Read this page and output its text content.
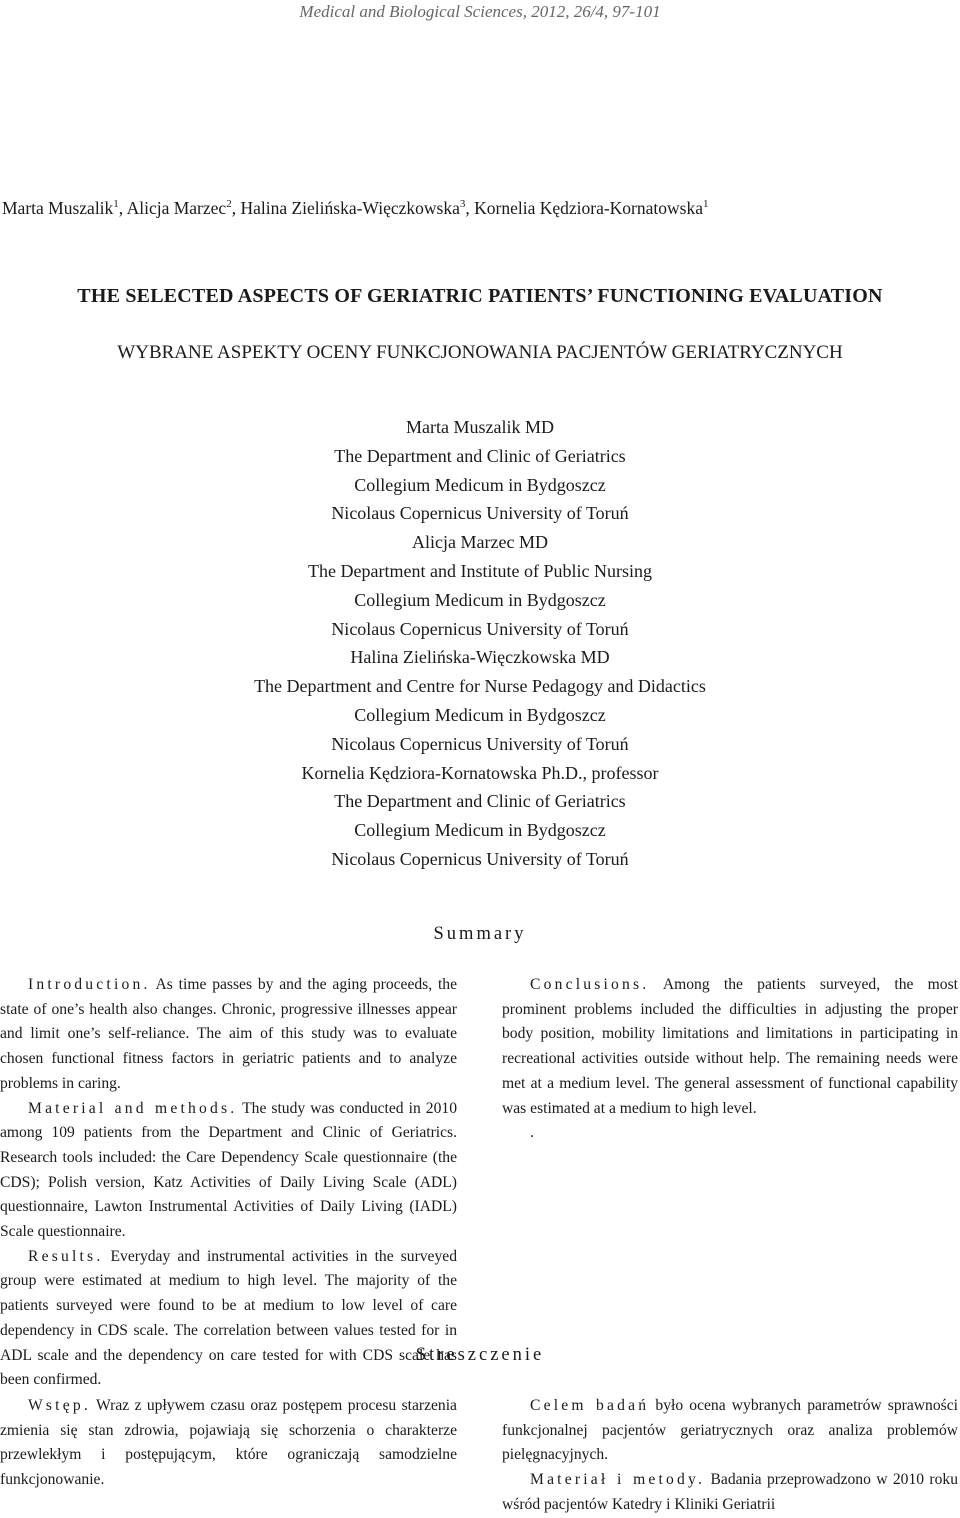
Medical and Biological Sciences, 2012, 26/4, 97-101
Marta Muszalik$^1$, Alicja Marzec$^2$, Halina Zielińska-Więczkowska$^3$, Kornelia Kędziora-Kornatowska$^1$
THE SELECTED ASPECTS OF GERIATRIC PATIENTS’ FUNCTIONING EVALUATION
WYBRANE ASPEKTY OCENY FUNKCJONOWANIA PACJENTÓW GERIATRYCZNYCH
Marta Muszalik MD
The Department and Clinic of Geriatrics
Collegium Medicum in Bydgoszcz
Nicolaus Copernicus University of Toruń
Alicja Marzec MD
The Department and Institute of Public Nursing
Collegium Medicum in Bydgoszcz
Nicolaus Copernicus University of Toruń
Halina Zielińska-Więczkowska MD
The Department and Centre for Nurse Pedagogy and Didactics
Collegium Medicum in Bydgoszcz
Nicolaus Copernicus University of Toruń
Kornelia Kędziora-Kornatowska Ph.D., professor
The Department and Clinic of Geriatrics
Collegium Medicum in Bydgoszcz
Nicolaus Copernicus University of Toruń
Summary

Introduction. As time passes by and the aging proceeds, the state of one’s health also changes. Chronic, progressive illnesses appear and limit one’s self-reliance. The aim of this study was to evaluate chosen functional fitness factors in geriatric patients and to analyze problems in caring.

Material and methods. The study was conducted in 2010 among 109 patients from the Department and Clinic of Geriatrics. Research tools included: the Care Dependency Scale questionnaire (the CDS); Polish version, Katz Activities of Daily Living Scale (ADL) questionnaire, Lawton Instrumental Activities of Daily Living (IADL) Scale questionnaire.

Results. Everyday and instrumental activities in the surveyed group were estimated at medium to high level. The majority of the patients surveyed were found to be at medium to low level of care dependency in CDS scale. The correlation between values tested for in ADL scale and the dependency on care tested for with CDS scale has been confirmed.

Conclusions. Among the patients surveyed, the most prominent problems included the difficulties in adjusting the proper body position, mobility limitations and limitations in participating in recreational activities outside without help. The remaining needs were met at a medium level. The general assessment of functional capability was estimated at a medium to high level.

.

Streszczenie

Wstęp. Wraz z upływem czasu oraz postępem procesu starzenia zmienia się stan zdrowia, pojawiają się schorzenia o charakterze przewlekłym i postępującym, które ograniczają samodzielne funkcjonowanie.

Celem badań było ocena wybranych parametrów sprawności funkcjonalnej pacjentów geriatrycznych oraz analiza problemów pielęgnacyjnych.

Materiał i metody. Badania przeprowadzono w 2010 roku wśród pacjentów Katedry i Kliniki Geriatrii
